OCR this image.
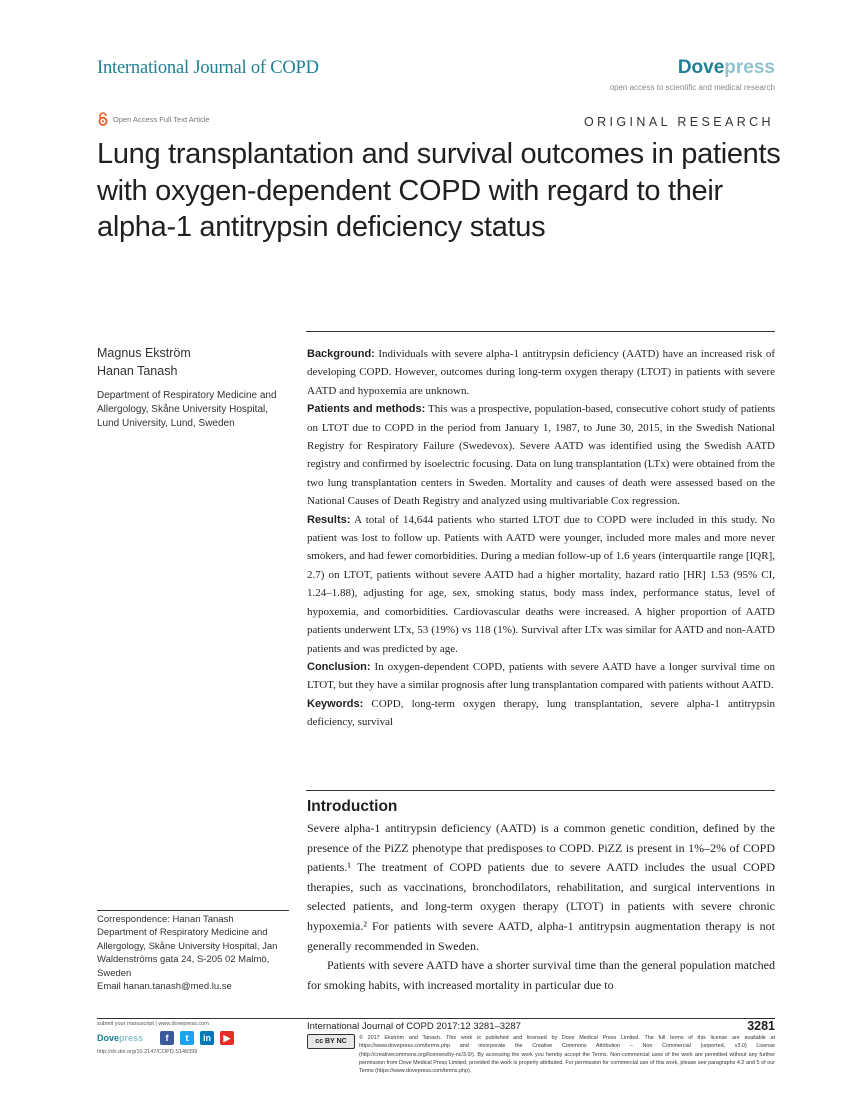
International Journal of COPD	Dovepress
open access to scientific and medical research
Open Access Full Text Article	ORIGINAL RESEARCH
Lung transplantation and survival outcomes in patients with oxygen-dependent COPD with regard to their alpha-1 antitrypsin deficiency status
Magnus Ekström
Hanan Tanash
Department of Respiratory Medicine and Allergology, Skåne University Hospital, Lund University, Lund, Sweden

Background: Individuals with severe alpha-1 antitrypsin deficiency (AATD) have an increased risk of developing COPD. However, outcomes during long-term oxygen therapy (LTOT) in patients with severe AATD and hypoxemia are unknown.

Patients and methods: This was a prospective, population-based, consecutive cohort study of patients on LTOT due to COPD in the period from January 1, 1987, to June 30, 2015, in the Swedish National Registry for Respiratory Failure (Swedevox). Severe AATD was identified using the Swedish AATD registry and confirmed by isoelectric focusing. Data on lung transplantation (LTx) were obtained from the two lung transplantation centers in Sweden. Mortality and causes of death were assessed based on the National Causes of Death Registry and analyzed using multivariable Cox regression.

Results: A total of 14,644 patients who started LTOT due to COPD were included in this study. No patient was lost to follow up. Patients with AATD were younger, included more males and more never smokers, and had fewer comorbidities. During a median follow-up of 1.6 years (interquartile range [IQR], 2.7) on LTOT, patients without severe AATD had a higher mortality, hazard ratio [HR] 1.53 (95% CI, 1.24–1.88), adjusting for age, sex, smoking status, body mass index, performance status, level of hypoxemia, and comorbidities. Cardiovascular deaths were increased. A higher proportion of AATD patients underwent LTx, 53 (19%) vs 118 (1%). Survival after LTx was similar for AATD and non-AATD patients and was predicted by age.

Conclusion: In oxygen-dependent COPD, patients with severe AATD have a longer survival time on LTOT, but they have a similar prognosis after lung transplantation compared with patients without AATD.

Keywords: COPD, long-term oxygen therapy, lung transplantation, severe alpha-1 antitrypsin deficiency, survival

Introduction

Severe alpha-1 antitrypsin deficiency (AATD) is a common genetic condition, defined by the presence of the PiZZ phenotype that predisposes to COPD. PiZZ is present in 1%–2% of COPD patients.¹ The treatment of COPD patients due to severe AATD includes the usual COPD therapies, such as vaccinations, bronchodilators, rehabilitation, and surgical interventions in selected patients, and long-term oxygen therapy (LTOT) in patients with severe chronic hypoxemia.² For patients with severe AATD, alpha-1 antitrypsin augmentation therapy is not generally recommended in Sweden.

Patients with severe AATD have a shorter survival time than the general population matched for smoking habits, with increased mortality in particular due to

Correspondence: Hanan Tanash
Department of Respiratory Medicine and Allergology, Skåne University Hospital, Jan Waldenströms gata 24, S-205 02 Malmö, Sweden
Email hanan.tanash@med.lu.se
submit your manuscript | www.dovepress.com
Dovepress	f	t	in	▶
http://dx.doi.org/10.2147/COPD.S148399
International Journal of COPD 2017:12 3281–3287	3281
© 2017 Ekström and Tanash. This work is published and licensed by Dove Medical Press Limited. The full terms of this license are available at https://www.dovepress.com/terms.php and incorporate the Creative Commons Attribution – Non Commercial (unported, v3.0) License (http://creativecommons.org/licenses/by-nc/3.0/). By accessing the work you hereby accept the Terms. Non-commercial uses of the work are permitted without any further permission from Dove Medical Press Limited, provided the work is properly attributed. For permission for commercial use of this work, please see paragraphs 4.2 and 5 of our Terms (https://www.dovepress.com/terms.php).
cc BY NC
